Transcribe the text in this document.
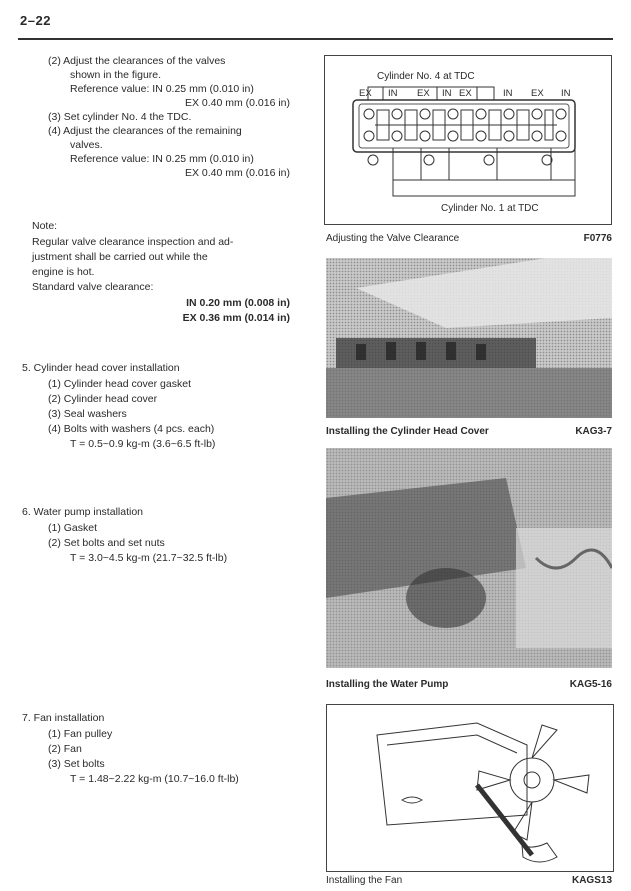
2–22
(2) Adjust the clearances of the valves
shown in the figure.
Reference value: IN 0.25 mm (0.010 in)
EX 0.40 mm (0.016 in)
(3) Set cylinder No. 4 the TDC.
(4) Adjust the clearances of the remaining
valves.
Reference value: IN 0.25 mm (0.010 in)
EX 0.40 mm (0.016 in)
Note:
Regular valve clearance inspection and ad-
justment shall be carried out while the
engine is hot.
Standard valve clearance:
IN 0.20 mm (0.008 in)
EX 0.36 mm (0.014 in)
5. Cylinder head cover installation
(1) Cylinder head cover gasket
(2) Cylinder head cover
(3) Seal washers
(4) Bolts with washers (4 pcs. each)
T = 0.5~0.9 kg-m (3.6~6.5 ft-lb)
6. Water pump installation
(1) Gasket
(2) Set bolts and set nuts
T = 3.0~4.5 kg-m (21.7~32.5 ft-lb)
7. Fan installation
(1) Fan pulley
(2) Fan
(3) Set bolts
T = 1.48~2.22 kg-m (10.7~16.0 ft-lb)
Cylinder No. 4 at TDC
EX IN EX IN EX	IN EX IN
Cylinder No. 1 at TDC
Adjusting the Valve Clearance	F0776
Installing the Cylinder Head Cover	KAG3-7
Installing the Water Pump	KAG5-16
Installing the Fan	KAGS13
